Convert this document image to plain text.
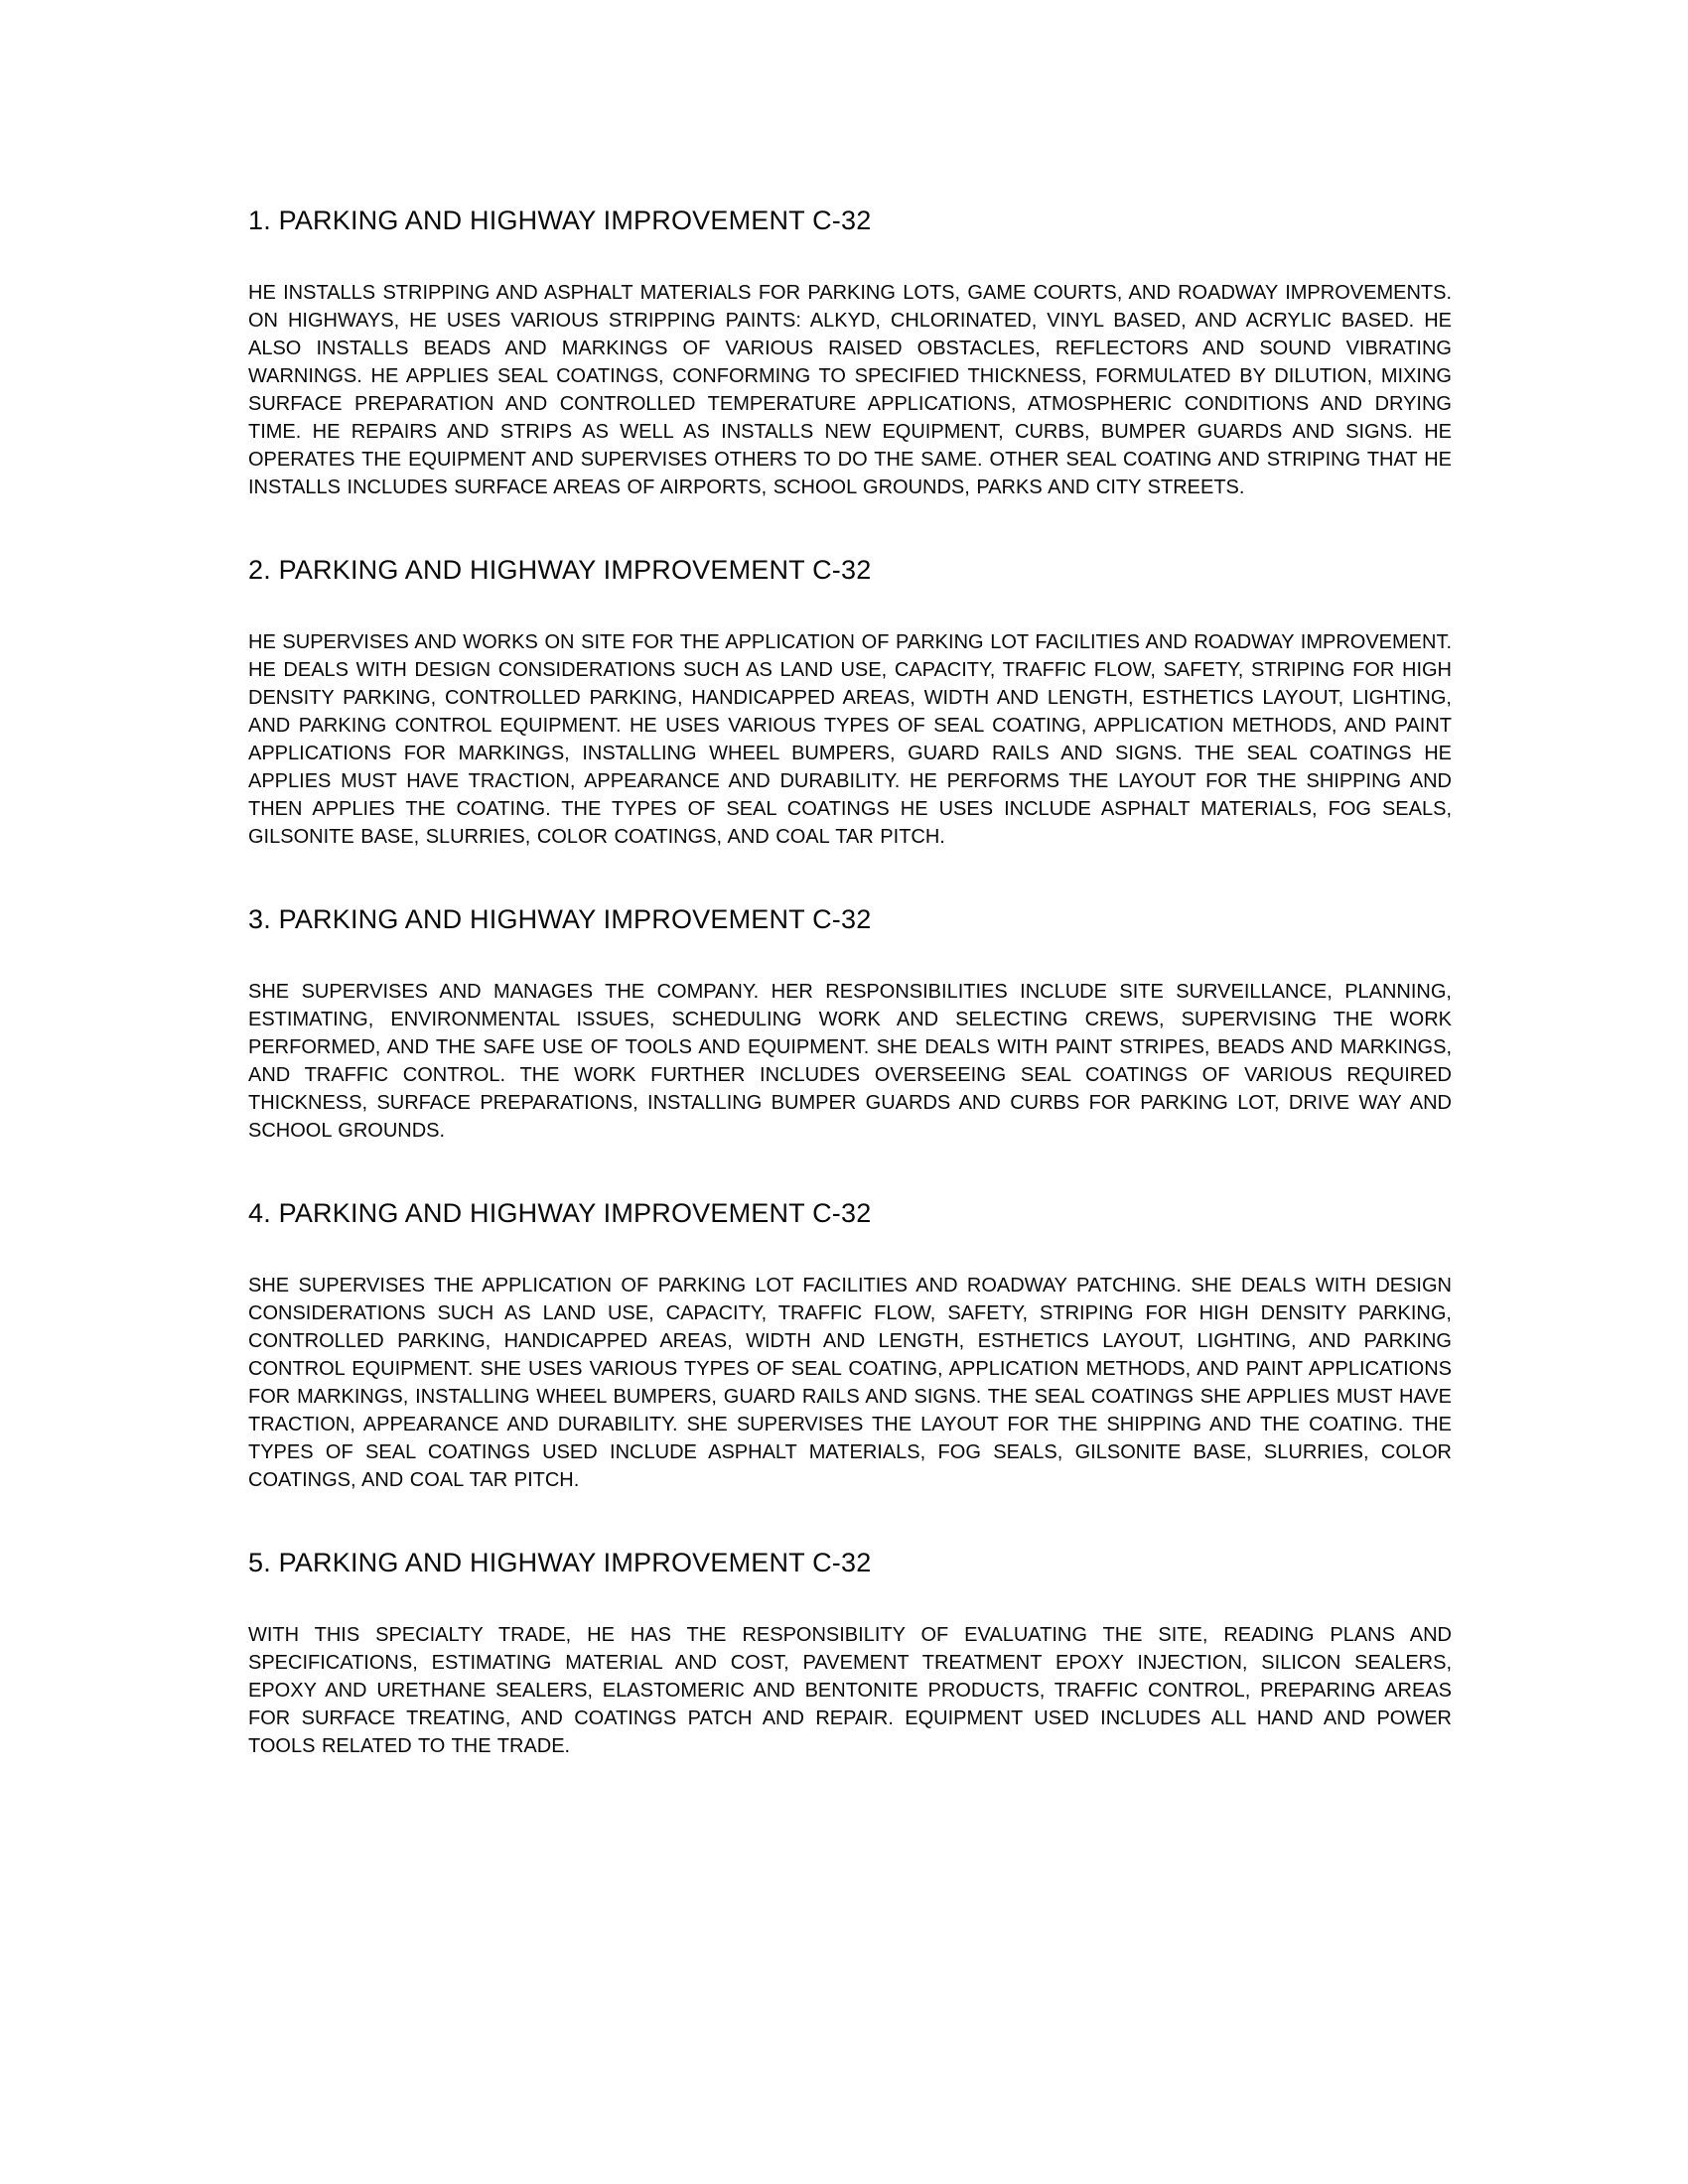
1. PARKING AND HIGHWAY IMPROVEMENT C-32

HE INSTALLS STRIPPING AND ASPHALT MATERIALS FOR PARKING LOTS, GAME COURTS, AND ROADWAY IMPROVEMENTS. ON HIGHWAYS, HE USES VARIOUS STRIPPING PAINTS: ALKYD, CHLORINATED, VINYL BASED, AND ACRYLIC BASED. HE ALSO INSTALLS BEADS AND MARKINGS OF VARIOUS RAISED OBSTACLES, REFLECTORS AND SOUND VIBRATING WARNINGS. HE APPLIES SEAL COATINGS, CONFORMING TO SPECIFIED THICKNESS, FORMULATED BY DILUTION, MIXING SURFACE PREPARATION AND CONTROLLED TEMPERATURE APPLICATIONS, ATMOSPHERIC CONDITIONS AND DRYING TIME. HE REPAIRS AND STRIPS AS WELL AS INSTALLS NEW EQUIPMENT, CURBS, BUMPER GUARDS AND SIGNS. HE OPERATES THE EQUIPMENT AND SUPERVISES OTHERS TO DO THE SAME. OTHER SEAL COATING AND STRIPING THAT HE INSTALLS INCLUDES SURFACE AREAS OF AIRPORTS, SCHOOL GROUNDS, PARKS AND CITY STREETS.

2. PARKING AND HIGHWAY IMPROVEMENT C-32

HE SUPERVISES AND WORKS ON SITE FOR THE APPLICATION OF PARKING LOT FACILITIES AND ROADWAY IMPROVEMENT. HE DEALS WITH DESIGN CONSIDERATIONS SUCH AS LAND USE, CAPACITY, TRAFFIC FLOW, SAFETY, STRIPING FOR HIGH DENSITY PARKING, CONTROLLED PARKING, HANDICAPPED AREAS, WIDTH AND LENGTH, ESTHETICS LAYOUT, LIGHTING, AND PARKING CONTROL EQUIPMENT. HE USES VARIOUS TYPES OF SEAL COATING, APPLICATION METHODS, AND PAINT APPLICATIONS FOR MARKINGS, INSTALLING WHEEL BUMPERS, GUARD RAILS AND SIGNS. THE SEAL COATINGS HE APPLIES MUST HAVE TRACTION, APPEARANCE AND DURABILITY. HE PERFORMS THE LAYOUT FOR THE SHIPPING AND THEN APPLIES THE COATING. THE TYPES OF SEAL COATINGS HE USES INCLUDE ASPHALT MATERIALS, FOG SEALS, GILSONITE BASE, SLURRIES, COLOR COATINGS, AND COAL TAR PITCH.

3. PARKING AND HIGHWAY IMPROVEMENT C-32

SHE SUPERVISES AND MANAGES THE COMPANY. HER RESPONSIBILITIES INCLUDE SITE SURVEILLANCE, PLANNING, ESTIMATING, ENVIRONMENTAL ISSUES, SCHEDULING WORK AND SELECTING CREWS, SUPERVISING THE WORK PERFORMED, AND THE SAFE USE OF TOOLS AND EQUIPMENT. SHE DEALS WITH PAINT STRIPES, BEADS AND MARKINGS, AND TRAFFIC CONTROL. THE WORK FURTHER INCLUDES OVERSEEING SEAL COATINGS OF VARIOUS REQUIRED THICKNESS, SURFACE PREPARATIONS, INSTALLING BUMPER GUARDS AND CURBS FOR PARKING LOT, DRIVE WAY AND SCHOOL GROUNDS.

4. PARKING AND HIGHWAY IMPROVEMENT C-32

SHE SUPERVISES THE APPLICATION OF PARKING LOT FACILITIES AND ROADWAY PATCHING. SHE DEALS WITH DESIGN CONSIDERATIONS SUCH AS LAND USE, CAPACITY, TRAFFIC FLOW, SAFETY, STRIPING FOR HIGH DENSITY PARKING, CONTROLLED PARKING, HANDICAPPED AREAS, WIDTH AND LENGTH, ESTHETICS LAYOUT, LIGHTING, AND PARKING CONTROL EQUIPMENT. SHE USES VARIOUS TYPES OF SEAL COATING, APPLICATION METHODS, AND PAINT APPLICATIONS FOR MARKINGS, INSTALLING WHEEL BUMPERS, GUARD RAILS AND SIGNS. THE SEAL COATINGS SHE APPLIES MUST HAVE TRACTION, APPEARANCE AND DURABILITY. SHE SUPERVISES THE LAYOUT FOR THE SHIPPING AND THE COATING. THE TYPES OF SEAL COATINGS USED INCLUDE ASPHALT MATERIALS, FOG SEALS, GILSONITE BASE, SLURRIES, COLOR COATINGS, AND COAL TAR PITCH.

5. PARKING AND HIGHWAY IMPROVEMENT C-32

WITH THIS SPECIALTY TRADE, HE HAS THE RESPONSIBILITY OF EVALUATING THE SITE, READING PLANS AND SPECIFICATIONS, ESTIMATING MATERIAL AND COST, PAVEMENT TREATMENT EPOXY INJECTION, SILICON SEALERS, EPOXY AND URETHANE SEALERS, ELASTOMERIC AND BENTONITE PRODUCTS, TRAFFIC CONTROL, PREPARING AREAS FOR SURFACE TREATING, AND COATINGS PATCH AND REPAIR. EQUIPMENT USED INCLUDES ALL HAND AND POWER TOOLS RELATED TO THE TRADE.
